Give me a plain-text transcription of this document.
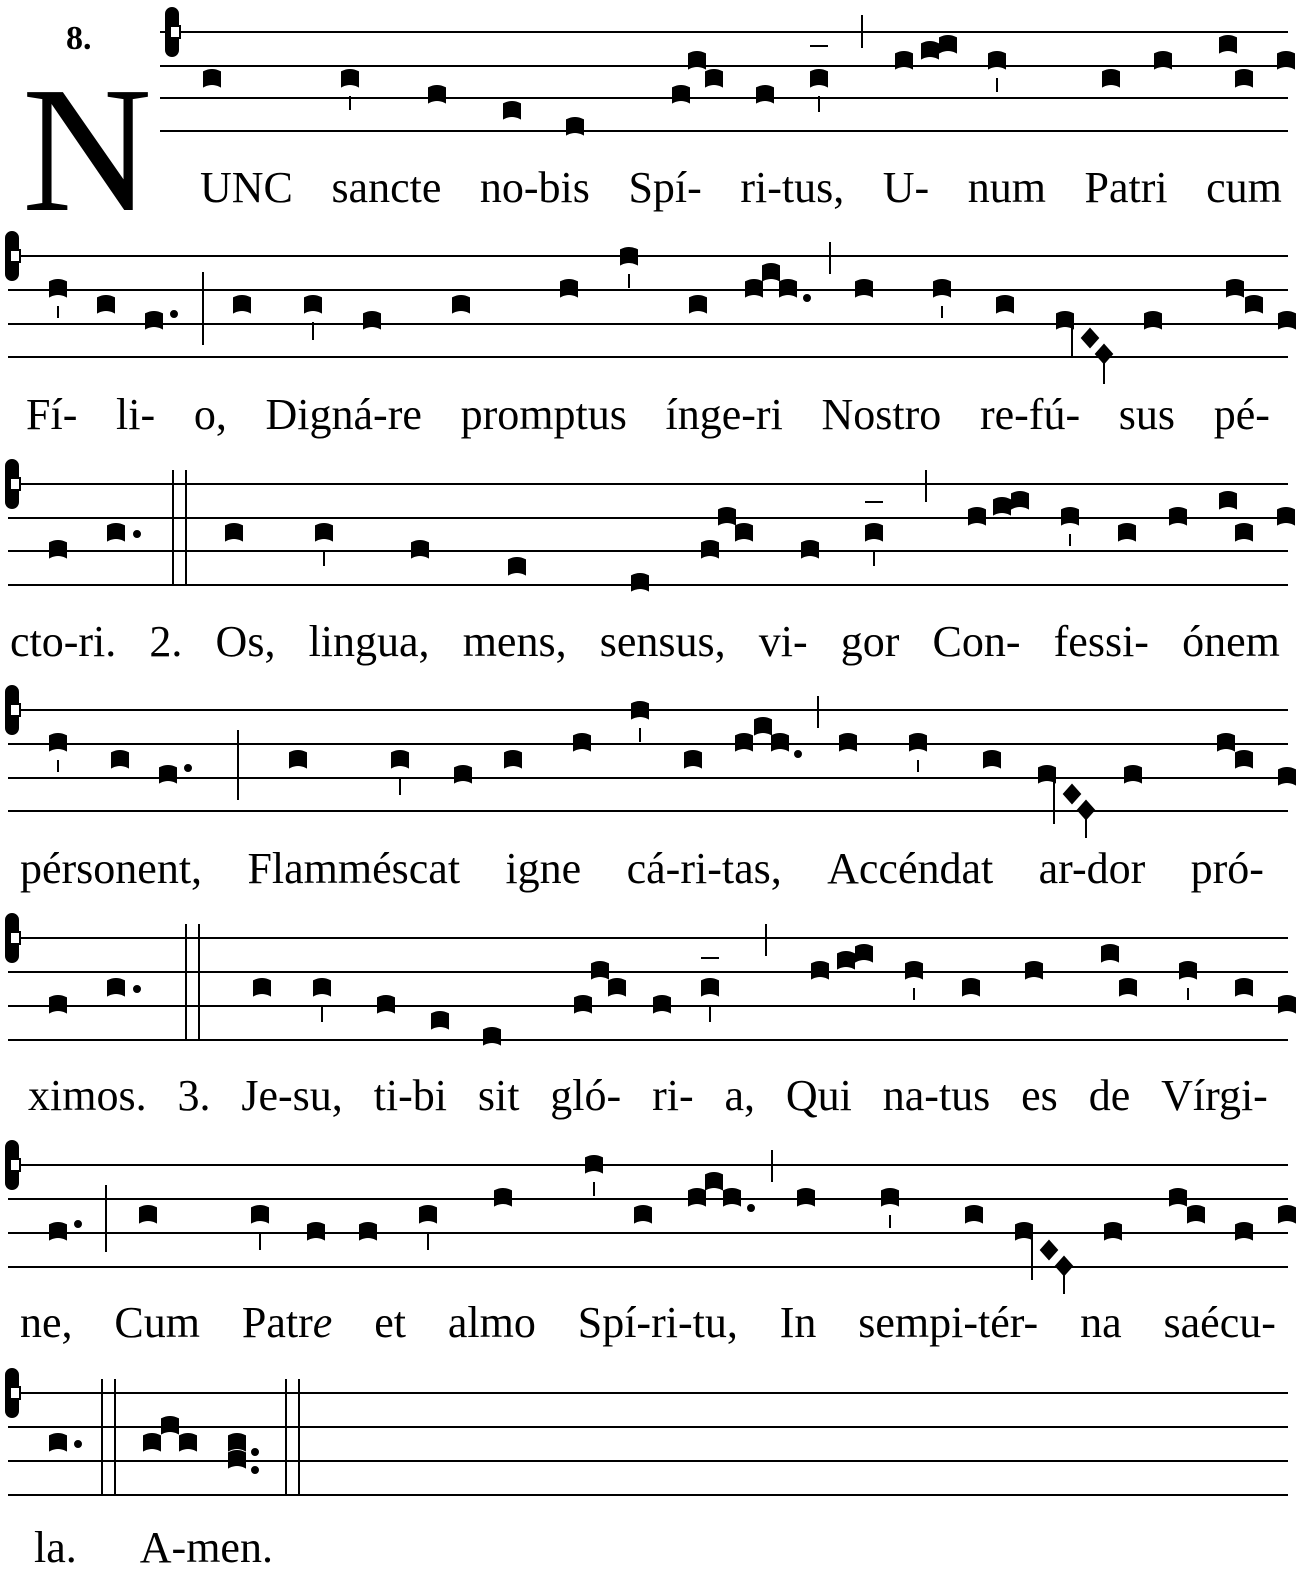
8.
N UNC sancte no-bis Spí- ri-tus, U- num Patri cum
Fí- li- o, Digná-re promptus ínge-ri Nostro re-fú- sus pé-
cto-ri. 2. Os, lingua, mens, sensus, vi- gor Con- fessi- ónem
pérsonent, Flamméscat igne cá-ri-tas, Accéndat ar-dor pró-
ximos. 3. Je-su, ti-bi sit gló- ri- a, Qui na-tus es de Vírgi-
ne, Cum Patre et almo Spí-ri-tu, In sempi-tér- na saécu-
la. A-men.
